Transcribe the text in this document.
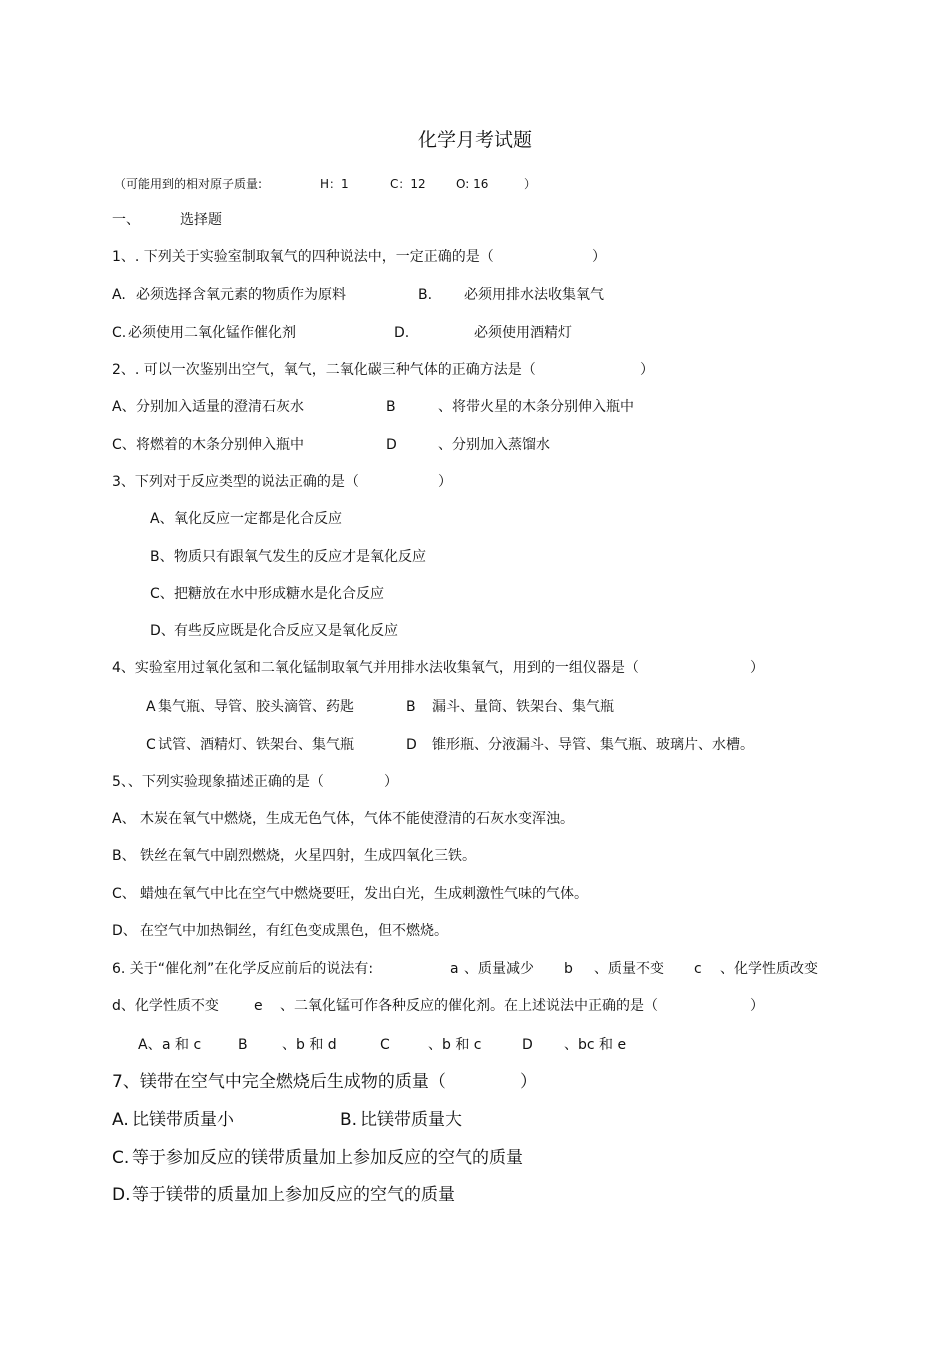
化学月考试题
（可能用到的相对原子质量:	H：1	C：12	O: 16	）
一、	选择题
1、. 下列关于实验室制取氧气的四种说法中，一定正确的是（	）
A. 必须选择含氧元素的物质作为原料	B. 必须用排水法收集氧气
C. 必须使用二氧化锰作催化剂	D.	必须使用酒精灯
2、. 可以一次鉴别出空气，氧气，二氧化碳三种气体的正确方法是（	）
A、 分别加入适量的澄清石灰水	B	、将带火星的木条分别伸入瓶中
C、 将燃着的木条分别伸入瓶中	D	、分别加入蒸馏水
3、下列对于反应类型的说法正确的是（	）
A、 氧化反应一定都是化合反应
B、 物质只有跟氧气发生的反应才是氧化反应
C、 把糖放在水中形成糖水是化合反应
D、 有些反应既是化合反应又是氧化反应
4、实验室用过氧化氢和二氧化锰制取氧气并用排水法收集氧气，用到的一组仪器是（	）
A 集气瓶、导管、胶头滴管、药匙	B 漏斗、量筒、铁架台、集气瓶
C 试管、酒精灯、铁架台、集气瓶	D 锥形瓶、分液漏斗、导管、集气瓶、玻璃片、水槽。
5、、下列实验现象描述正确的是（	）
A、 木炭在氧气中燃烧，生成无色气体，气体不能使澄清的石灰水变浑浊。
B、 铁丝在氧气中剧烈燃烧，火星四射，生成四氧化三铁。
C、 蜡烛在氧气中比在空气中燃烧要旺，发出白光，生成刺激性气味的气体。
D、 在空气中加热铜丝，有红色变成黑色，但不燃烧。
6. 关于“催化剂”在化学反应前后的说法有:	a 、质量减少 b 、质量不变 c 、化学性质改变
d、化学性质不变	e 、二氧化锰可作各种反应的催化剂。在上述说法中正确的是（	）
A、 a 和 c	B 、b 和 d	C	、b 和 c	D 、bc 和 e
7、镁带在空气中完全燃烧后生成物的质量（	）
A. 比镁带质量小	B. 比镁带质量大
C. 等于参加反应的镁带质量加上参加反应的空气的质量
D. 等于镁带的质量加上参加反应的空气的质量
